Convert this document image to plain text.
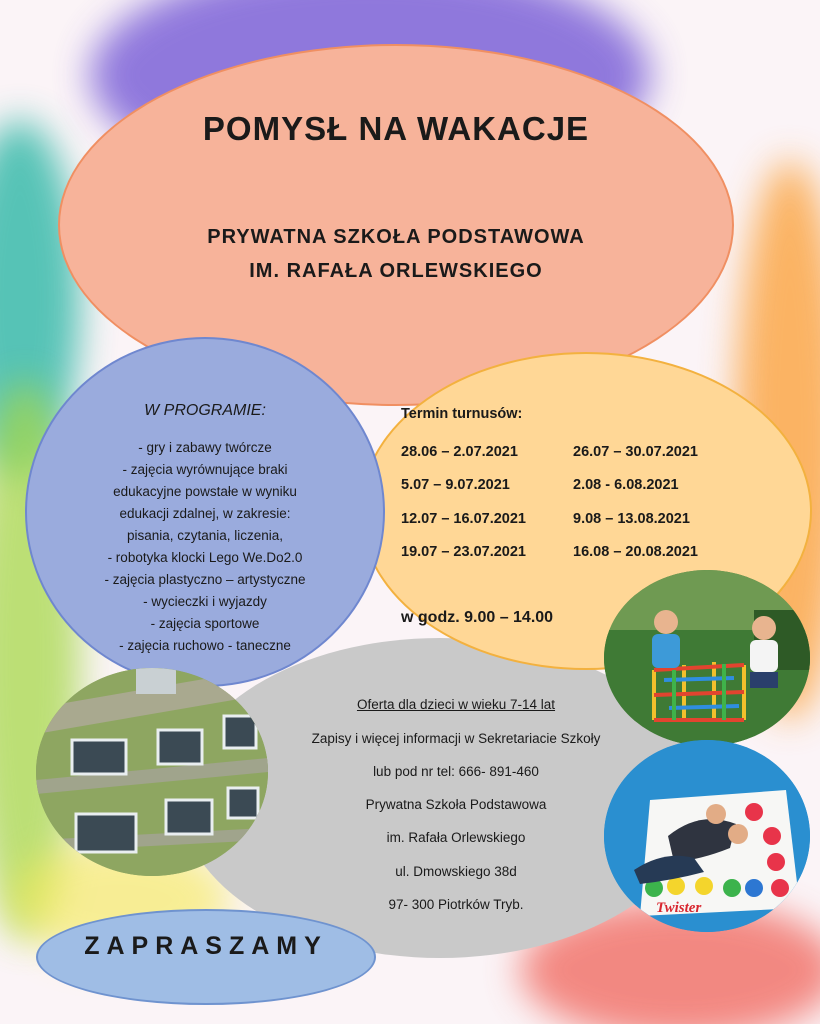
Twister
POMYSŁ NA WAKACJE
PRYWATNA SZKOŁA PODSTAWOWA
IM. RAFAŁA ORLEWSKIEGO
W PROGRAMIE:
- gry i zabawy twórcze
- zajęcia wyrównujące braki
edukacyjne powstałe w wyniku
edukacji zdalnej, w zakresie:
pisania, czytania, liczenia,
- robotyka klocki Lego We.Do2.0
- zajęcia plastyczno – artystyczne
- wycieczki i wyjazdy
- zajęcia sportowe
- zajęcia ruchowo - taneczne
Termin turnusów:
28.06 – 2.07.2021	26.07 – 30.07.2021
5.07 – 9.07.2021	2.08 - 6.08.2021
12.07 – 16.07.2021	9.08 – 13.08.2021
19.07 – 23.07.2021	16.08 – 20.08.2021
w godz. 9.00 – 14.00
Oferta dla dzieci w wieku 7-14 lat
Zapisy i więcej informacji w Sekretariacie Szkoły
lub pod nr tel: 666- 891-460
Prywatna Szkoła Podstawowa
im. Rafała Orlewskiego
ul. Dmowskiego 38d
97- 300 Piotrków Tryb.
ZAPRASZAMY
